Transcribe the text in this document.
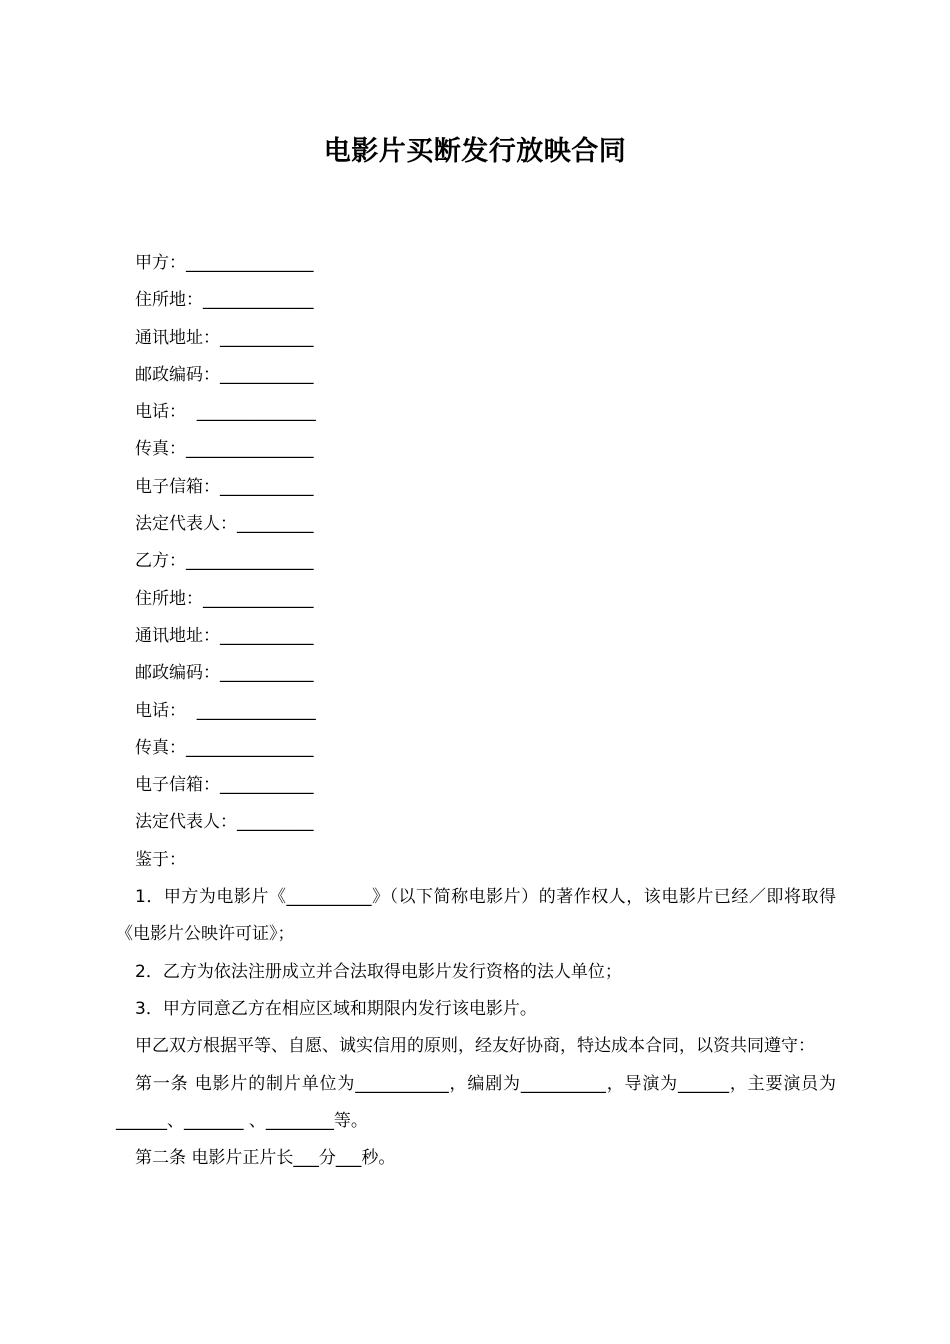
电影片买断发行放映合同
甲方：_______________
住所地：_____________
通讯地址：___________
邮政编码：___________
电话：  ______________
传真：_______________
电子信箱：___________
法定代表人：_________
乙方：_______________
住所地：_____________
通讯地址：___________
邮政编码：___________
电话：  ______________
传真：_______________
电子信箱：___________
法定代表人：_________
鉴于：
1．甲方为电影片《__________》（以下简称电影片）的著作权人，该电影片已经／即将取得《电影片公映许可证》；
2．乙方为依法注册成立并合法取得电影片发行资格的法人单位；
3．甲方同意乙方在相应区域和期限内发行该电影片。
甲乙双方根据平等、自愿、诚实信用的原则，经友好协商，特达成本合同，以资共同遵守：
第一条 电影片的制片单位为___________，编剧为__________，导演为______，主要演员为______、_______ 、________等。
第二条 电影片正片长___分___秒。
